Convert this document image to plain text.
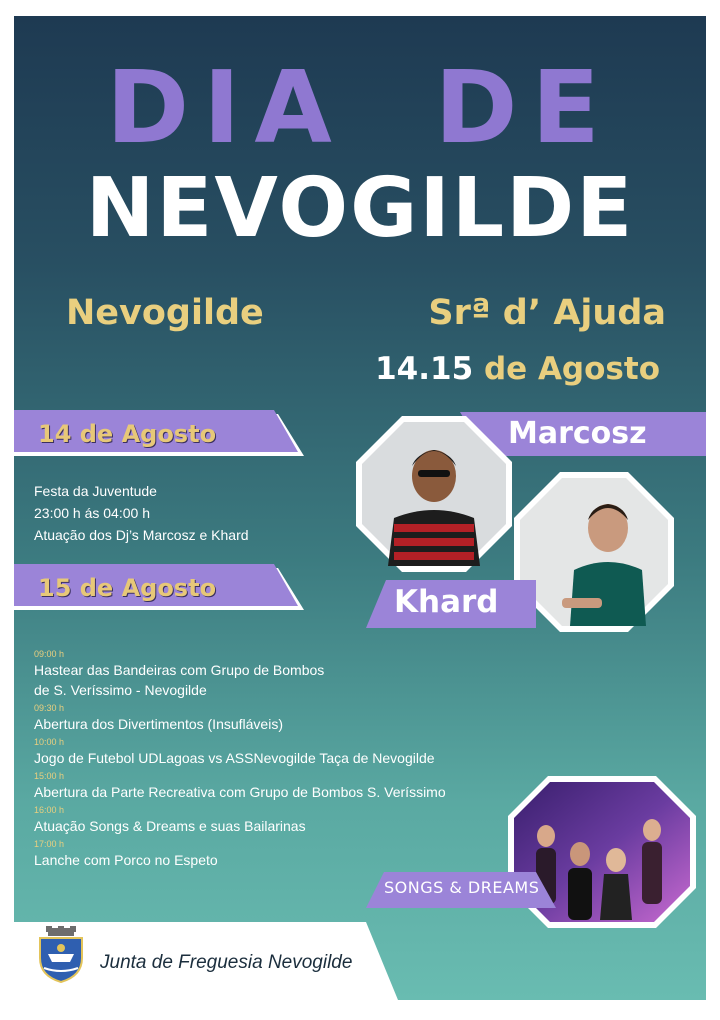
DIA DE
NEVOGILDE
Nevogilde	Srª d’ Ajuda
14.15 de Agosto
14 de Agosto
Festa da Juventude
23:00 h ás 04:00 h
Atuação dos Dj’s Marcosz e Khard
15 de Agosto
09:00 h
Hastear das Bandeiras com Grupo de Bombos
de S. Veríssimo - Nevogilde
09:30 h
Abertura dos Divertimentos (Insufláveis)
10:00 h
Jogo de Futebol UDLagoas vs ASSNevogilde Taça de Nevogilde
15:00 h
Abertura da Parte Recreativa com Grupo de Bombos S. Veríssimo
16:00 h
Atuação Songs & Dreams e suas Bailarinas
17:00 h
Lanche com Porco no Espeto
Marcosz
Khard
SONGS & DREAMS
Junta de Freguesia Nevogilde
